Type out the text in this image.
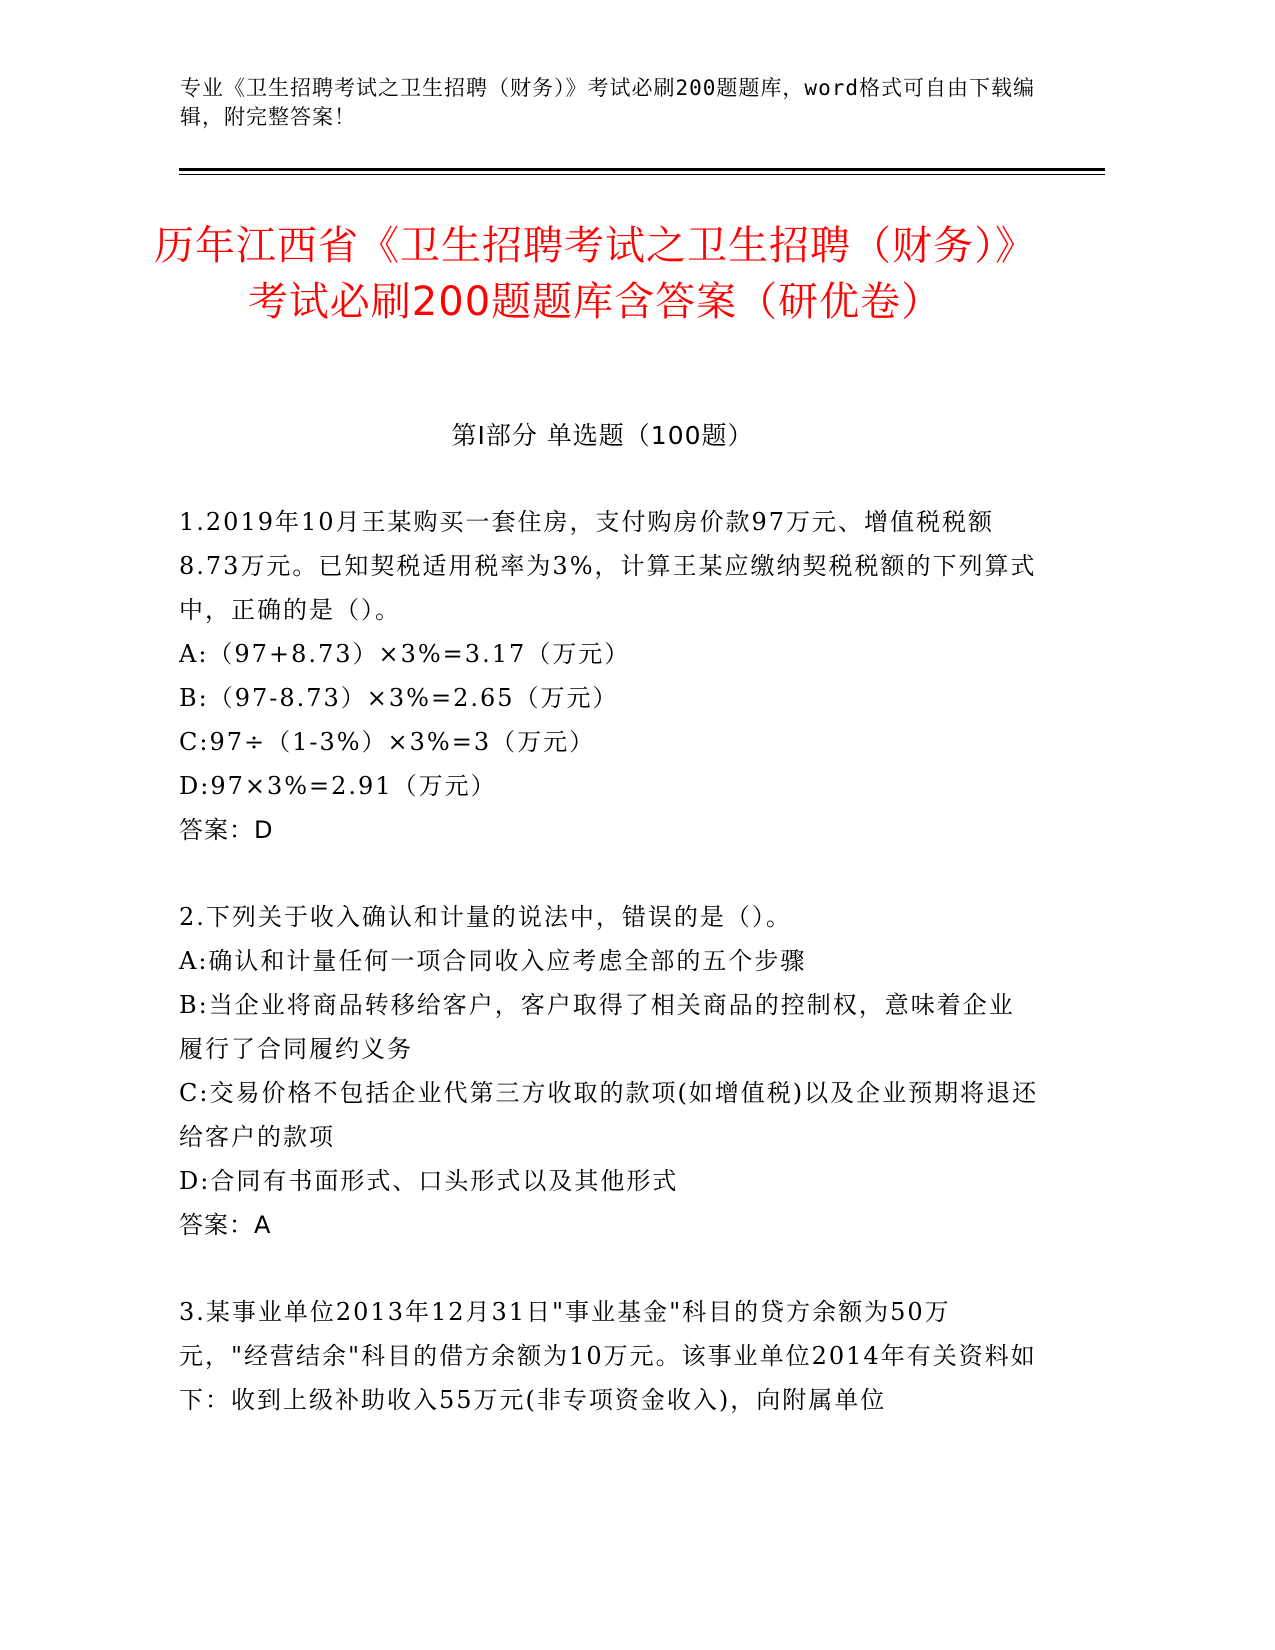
专业《卫生招聘考试之卫生招聘（财务）》考试必刷200题题库，word格式可自由下载编辑，附完整答案！
历年江西省《卫生招聘考试之卫生招聘（财务）》考试必刷200题题库含答案（研优卷）
第I部分 单选题（100题）

1.2019年10月王某购买一套住房，支付购房价款97万元、增值税税额8.73万元。已知契税适用税率为3%，计算王某应缴纳契税税额的下列算式中，正确的是（）。

A:（97+8.73）×3%=3.17（万元）

B:（97-8.73）×3%=2.65（万元）

C:97÷（1-3%）×3%=3（万元）

D:97×3%=2.91（万元）

答案：D

2.下列关于收入确认和计量的说法中，错误的是（）。

A:确认和计量任何一项合同收入应考虑全部的五个步骤

B:当企业将商品转移给客户，客户取得了相关商品的控制权，意味着企业履行了合同履约义务

C:交易价格不包括企业代第三方收取的款项(如增值税)以及企业预期将退还给客户的款项

D:合同有书面形式、口头形式以及其他形式

答案：A

3.某事业单位2013年12月31日"事业基金"科目的贷方余额为50万元，"经营结余"科目的借方余额为10万元。该事业单位2014年有关资料如下：收到上级补助收入55万元(非专项资金收入)，向附属单位
